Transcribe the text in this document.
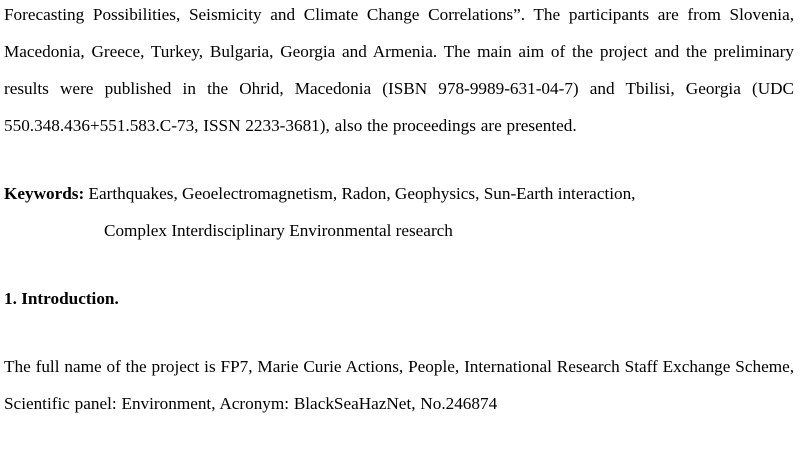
Forecasting Possibilities, Seismicity and Climate Change Correlations”. The participants are from Slovenia, Macedonia, Greece, Turkey, Bulgaria, Georgia and Armenia. The main aim of the project and the preliminary results were published in the Ohrid, Macedonia (ISBN 978-9989-631-04-7) and Tbilisi, Georgia (UDC 550.348.436+551.583.C-73, ISSN 2233-3681), also the proceedings are presented.

Keywords: Earthquakes, Geoelectromagnetism, Radon, Geophysics, Sun-Earth interaction,
Complex Interdisciplinary Environmental research
1. Introduction.

The full name of the project is FP7, Marie Curie Actions, People, International Research Staff Exchange Scheme, Scientific panel: Environment, Acronym: BlackSeaHazNet, No.246874
